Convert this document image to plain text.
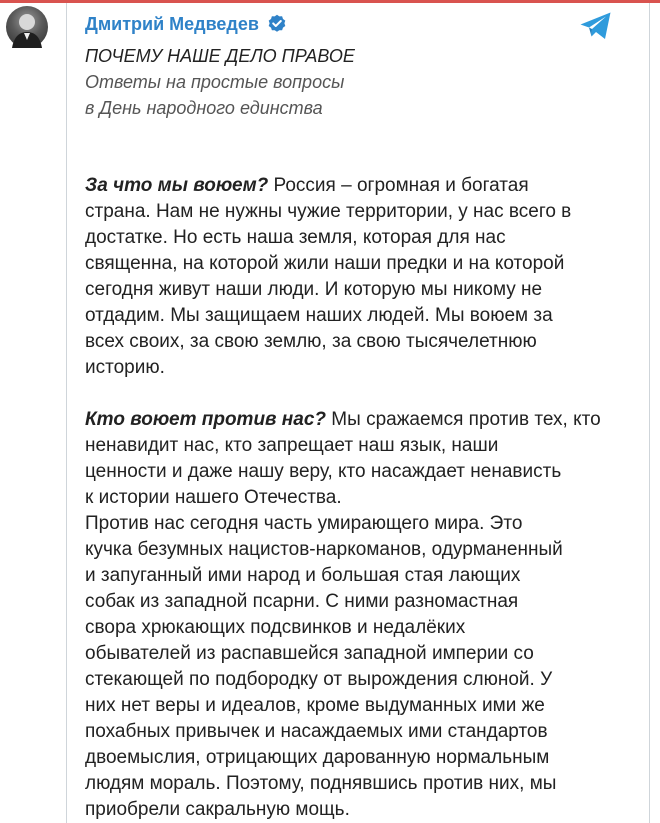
Дмитрий Медведев
ПОЧЕМУ НАШЕ ДЕЛО ПРАВОЕ
Ответы на простые вопросы
в День народного единства
За что мы воюем? Россия – огромная и богатая
страна. Нам не нужны чужие территории, у нас всего в
достатке. Но есть наша земля, которая для нас
священна, на которой жили наши предки и на которой
сегодня живут наши люди. И которую мы никому не
отдадим. Мы защищаем наших людей. Мы воюем за
всех своих, за свою землю, за свою тысячелетнюю
историю.
Кто воюет против нас? Мы сражаемся против тех, кто
ненавидит нас, кто запрещает наш язык, наши
ценности и даже нашу веру, кто насаждает ненависть
к истории нашего Отечества.
Против нас сегодня часть умирающего мира. Это
кучка безумных нацистов-наркоманов, одурманенный
и запуганный ими народ и большая стая лающих
собак из западной псарни. С ними разномастная
свора хрюкающих подсвинков и недалёких
обывателей из распавшейся западной империи со
стекающей по подбородку от вырождения слюной. У
них нет веры и идеалов, кроме выдуманных ими же
похабных привычек и насаждаемых ими стандартов
двоемыслия, отрицающих дарованную нормальным
людям мораль. Поэтому, поднявшись против них, мы
приобрели сакральную мощь.
